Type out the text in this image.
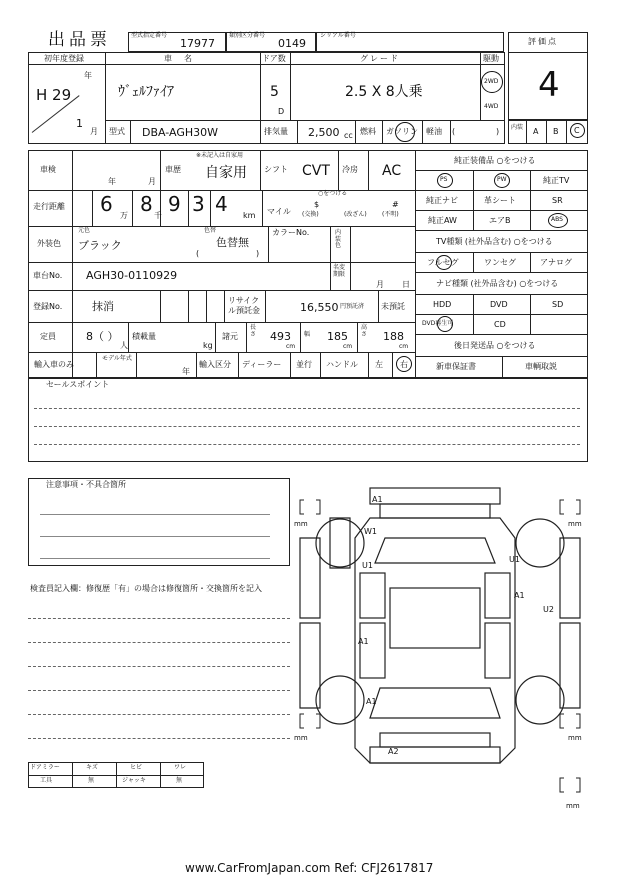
出品票	型式指定番号
17977
類別区分番号
0149
シリアル番号
初年度登録
年
H 29
1
月
車　名
ｳﾞｪﾙﾌｧｲｱ
ドア数
5
D
グレード
2.5 X 8人乗
駆動
2WD
4WD
型式 DBA-AGH30W	排気量 2,500 cc 燃料 ガソリン 軽油 (	)
評価点
4
内装 A B C
車検
年	月
車歴
※未記入は自家用
自家用 シフト CVT 冷房 AC
走行距離 6 万 8 千 9 3 4 km
○をつける
マイル
$
(交換)	(改ざん)
#
(不明)
外装色
元色
ブラック
色替
色替無
(	)
カラーNo.	内装色
車台No. AGH30-0110929
名変期限
月 日
登録No.	抹消	リサイクル預託金	16,550 円預託済 未預託
定員	8（ ）
人
積載量
kg
諸元
長さ 493
cm
幅 185
cm
高さ 188
cm
輸入車のみ
モデル年式
年
輸入区分 ディーラー 並行 ハンドル 左 右
純正装備品 ○をつける
PS	PW	純正TV
純正ナビ	革シート	SR
純正AW	エアB	ABS
TV種類 (社外品含む) ○をつける
フルセグ	ワンセグ	アナログ
ナビ種類 (社外品含む) ○をつける
HDD	DVD	SD
DVD再生可	CD
後日発送品 ○をつける
新車保証書	車輌取説
セールスポイント
注意事項・不具合箇所
検査員記入欄：修復歴「有」の場合は修復箇所・交換箇所を記入
ドアミラー	キズ	ヒビ	ワレ
工具	無	ジャッキ	無
A1
W1
U1
U1
A1
U2
A1
A1
A2
mm	mm
mm	mm
mm
www.CarFromJapan.com Ref: CFJ2617817
